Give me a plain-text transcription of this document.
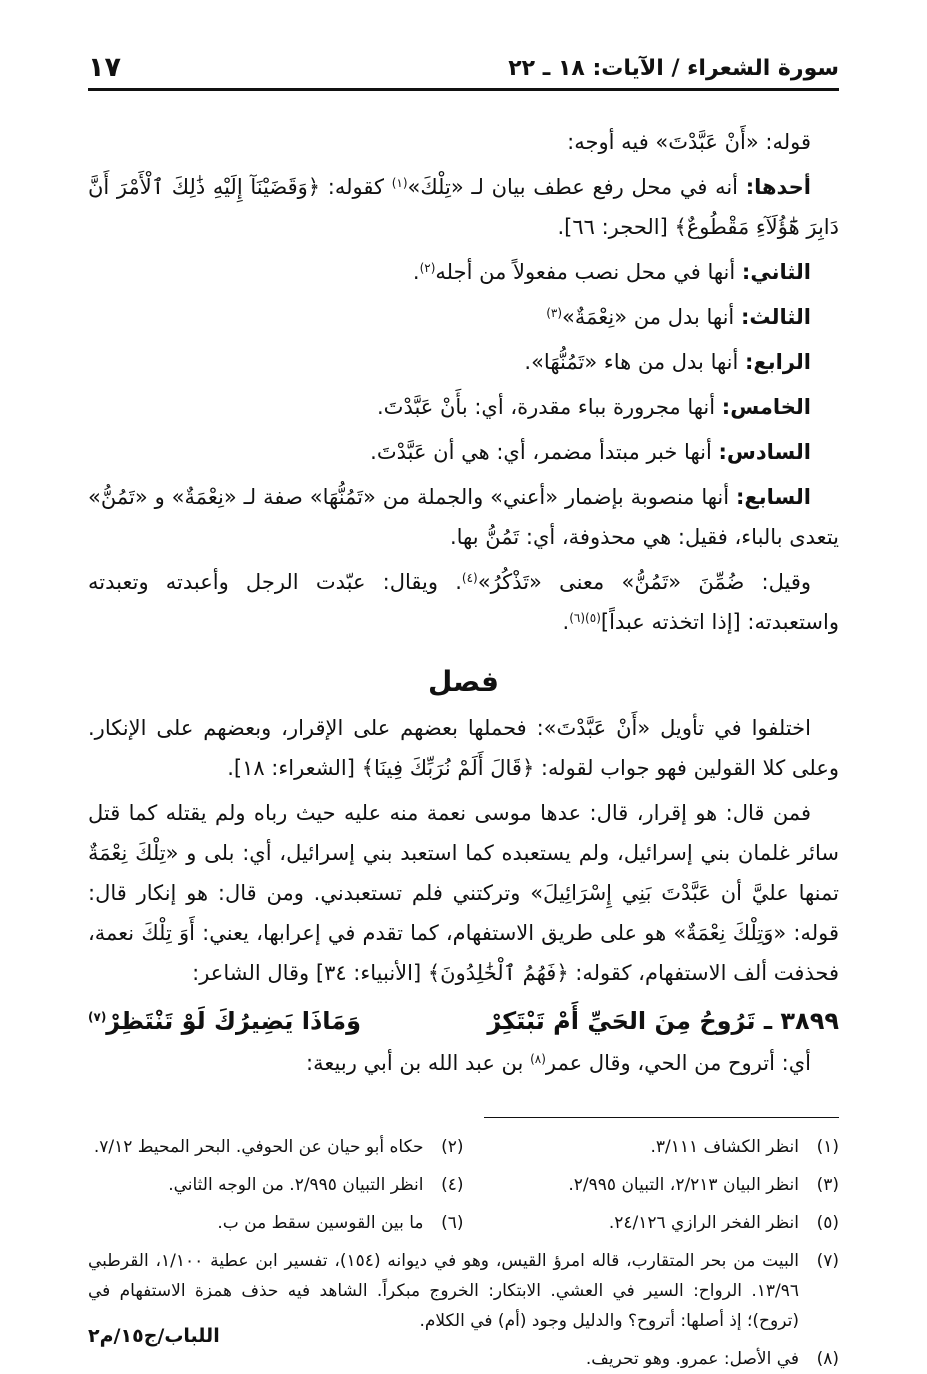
سورة الشعراء / الآيات: ١٨ ـ ٢٢
١٧

قوله: «أَنْ عَبَّدْتَ» فيه أوجه:

أحدها: أنه في محل رفع عطف بيان لـ «تِلْكَ»$^{(١)}$ كقوله: ﴿وَقَضَيْنَآ إِلَيْهِ ذَٰلِكَ ٱلْأَمْرَ أَنَّ دَابِرَ هَٰٓؤُلَآءِ مَقْطُوعٌ﴾ [الحجر: ٦٦].

الثاني: أنها في محل نصب مفعولاً من أجله$^{(٢)}$.

الثالث: أنها بدل من «نِعْمَةٌ»$^{(٣)}$

الرابع: أنها بدل من هاء «تَمُنُّهَا».

الخامس: أنها مجرورة بباء مقدرة، أي: بأَنْ عَبَّدْتَ.

السادس: أنها خبر مبتدأ مضمر، أي: هي أن عَبَّدْتَ.

السابع: أنها منصوبة بإضمار «أعني» والجملة من «تَمُنُّهَا» صفة لـ «نِعْمَةٌ» و «تَمُنُّ» يتعدى بالباء، فقيل: هي محذوفة، أي: تَمُنُّ بها.

وقيل: ضُمِّنَ «تَمُنُّ» معنى «تَذْكُرُ»$^{(٤)}$. ويقال: عبّدت الرجل وأعبدته وتعبدته واستعبدته: [إذا اتخذته عبداً]$^{(٥)(٦)}$.

فصل

اختلفوا في تأويل «أَنْ عَبَّدْتَ»: فحملها بعضهم على الإقرار، وبعضهم على الإنكار. وعلى كلا القولين فهو جواب لقوله: ﴿قَالَ أَلَمْ نُرَبِّكَ فِينَا﴾ [الشعراء: ١٨].

فمن قال: هو إقرار، قال: عدها موسى نعمة منه عليه حيث رباه ولم يقتله كما قتل سائر غلمان بني إسرائيل، ولم يستعبده كما استعبد بني إسرائيل، أي: بلى و «تِلْكَ نِعْمَةٌ تمنها عليَّ أن عَبَّدْتَ بَنِي إِسْرَائِيلَ» وتركتني فلم تستعبدني. ومن قال: هو إنكار قال: قوله: «وَتِلْكَ نِعْمَةٌ» هو على طريق الاستفهام، كما تقدم في إعرابها، يعني: أَوَ تِلْكَ نعمة، فحذفت ألف الاستفهام، كقوله: ﴿فَهُمُ ٱلْخَٰلِدُونَ﴾ [الأنبياء: ٣٤] وقال الشاعر:

٣٨٩٩ ـ تَرُوحُ مِنَ الحَيِّ أَمْ تَبْتَكِرْ
وَمَاذَا يَضِيرُكَ لَوْ تَنْتَظِرْ$^{(٧)}$

أي: أتروح من الحي، وقال عمر$^{(٨)}$ بن عبد الله بن أبي ربيعة:

(١)
انظر الكشاف ٣/١١١.
(٢)
حكاه أبو حيان عن الحوفي. البحر المحيط ٧/١٢.
(٣)
انظر البيان ٢/٢١٣، التبيان ٢/٩٩٥.
(٤)
انظر التبيان ٢/٩٩٥. من الوجه الثاني.
(٥)
انظر الفخر الرازي ٢٤/١٢٦.
(٦)
ما بين القوسين سقط من ب.
(٧)
البيت من بحر المتقارب، قاله امرؤ القيس، وهو في ديوانه (١٥٤)، تفسير ابن عطية ١/١٠٠، القرطبي ١٣/٩٦. الرواح: السير في العشي. الابتكار: الخروج مبكراً. الشاهد فيه حذف همزة الاستفهام في (تروح)؛ إذ أصلها: أتروح؟ والدليل وجود (أم) في الكلام.
(٨)
في الأصل: عمرو. وهو تحريف.
اللباب/ج١٥/م٢
